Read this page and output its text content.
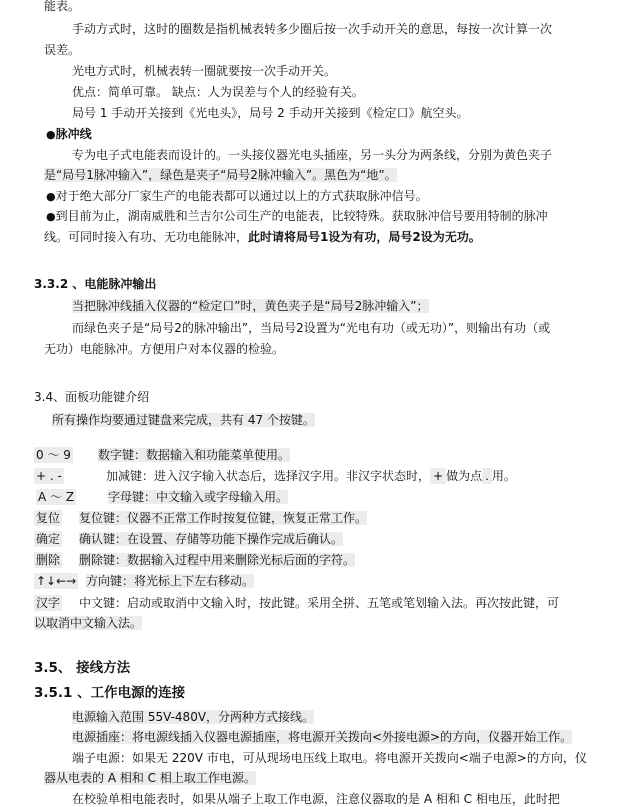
能表。
手动方式时，这时的圈数是指机械表转多少圈后按一次手动开关的意思，每按一次计算一次
误差。
光电方式时，机械表转一圈就要按一次手动开关。
优点：简单可靠。 缺点：人为误差与个人的经验有关。
局号 1 手动开关接到《光电头》，局号 2 手动开关接到《检定口》航空头。
●脉冲线
专为电子式电能表而设计的。一头接仪器光电头插座，另一头分为两条线，分别为黄色夹子
是“局号1脉冲输入”，绿色是夹子“局号2脉冲输入”。黑色为“地”。
●对于绝大部分厂家生产的电能表都可以通过以上的方式获取脉冲信号。
●到目前为止，湖南威胜和兰吉尔公司生产的电能表，比较特殊。获取脉冲信号要用特制的脉冲
线。可同时接入有功、无功电能脉冲，此时请将局号1设为有功，局号2设为无功。
3.3.2 、电能脉冲输出
当把脉冲线插入仪器的“检定口”时，黄色夹子是“局号2脉冲输入”；
而绿色夹子是“局号2的脉冲输出”，当局号2设置为“光电有功（或无功）”，则输出有功（或
无功）电能脉冲。方便用户对本仪器的检验。
3.4、面板功能键介绍
所有操作均要通过键盘来完成，共有 47 个按键。
0 ～ 9 数字键：数据输入和功能菜单使用。
+ . -	加减键：进入汉字输入状态后，选择汉字用。非汉字状态时， + 做为点 . 用。
A ～ Z	字母键：中文输入或字母输入用。
复位 复位键：仪器不正常工作时按复位键，恢复正常工作。
确定 确认键：在设置、存储等功能下操作完成后确认。
删除 删除键：数据输入过程中用来删除光标后面的字符。
↑↓←→ 方向键：将光标上下左右移动。
汉字 中文键：启动或取消中文输入时，按此键。采用全拼、五笔或笔划输入法。再次按此键，可
以取消中文输入法。
3.5、 接线方法
3.5.1 、工作电源的连接
电源输入范围 55V-480V，分两种方式接线。
电源插座：将电源线插入仪器电源插座，将电源开关拨向<外接电源>的方向，仪器开始工作。
端子电源：如果无 220V 市电，可从现场电压线上取电。将电源开关拨向<端子电源>的方向，仪
器从电表的 A 相和 C 相上取工作电源。
在校验单相电能表时，如果从端子上取工作电源，注意仪器取的是 A 相和 C 相电压，此时把
